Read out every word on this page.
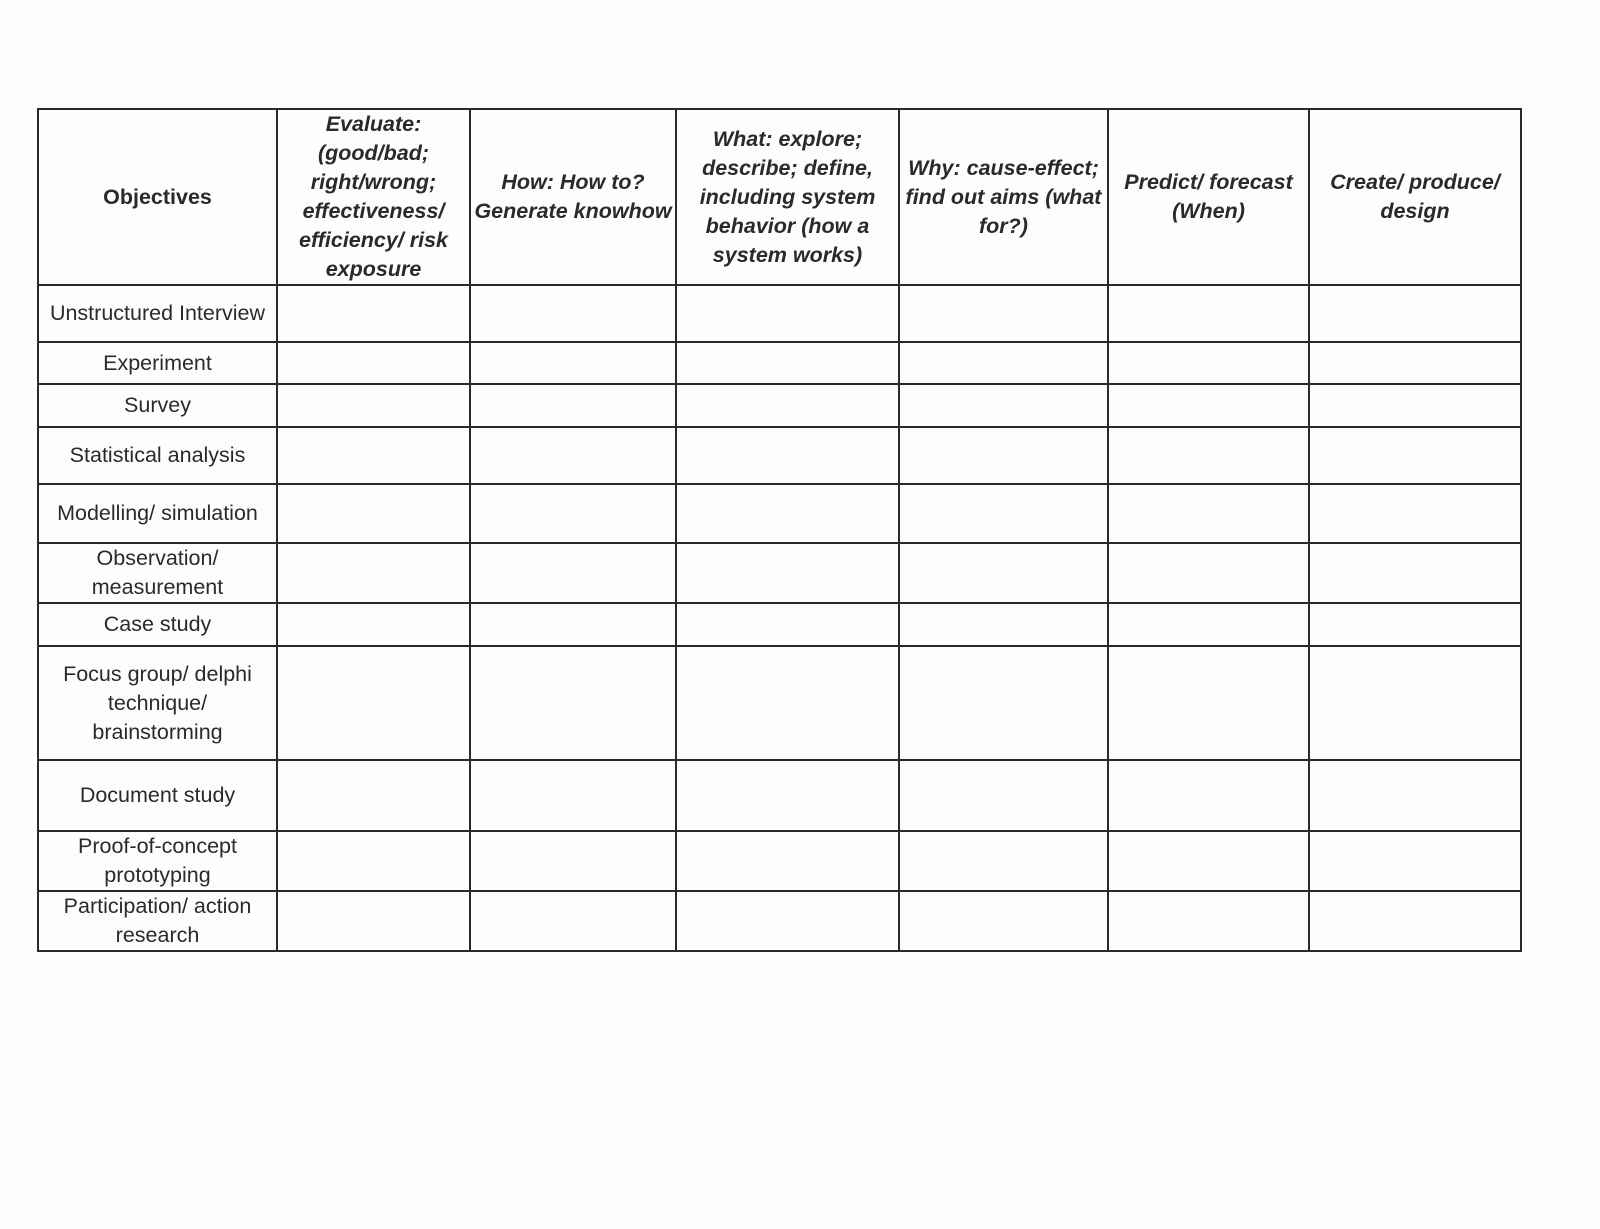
Objectives	Evaluate: (good/bad; right/wrong; effectiveness/ efficiency/ risk exposure	How: How to? Generate knowhow	What: explore; describe; define, including system behavior (how a system works)	Why: cause-effect; find out aims (what for?)	Predict/ forecast (When)	Create/ produce/ design
Unstructured Interview						
Experiment						
Survey						
Statistical analysis						
Modelling/ simulation						
Observation/ measurement						
Case study						
Focus group/ delphi technique/ brainstorming						
Document study						
Proof-of-concept prototyping						
Participation/ action research						
